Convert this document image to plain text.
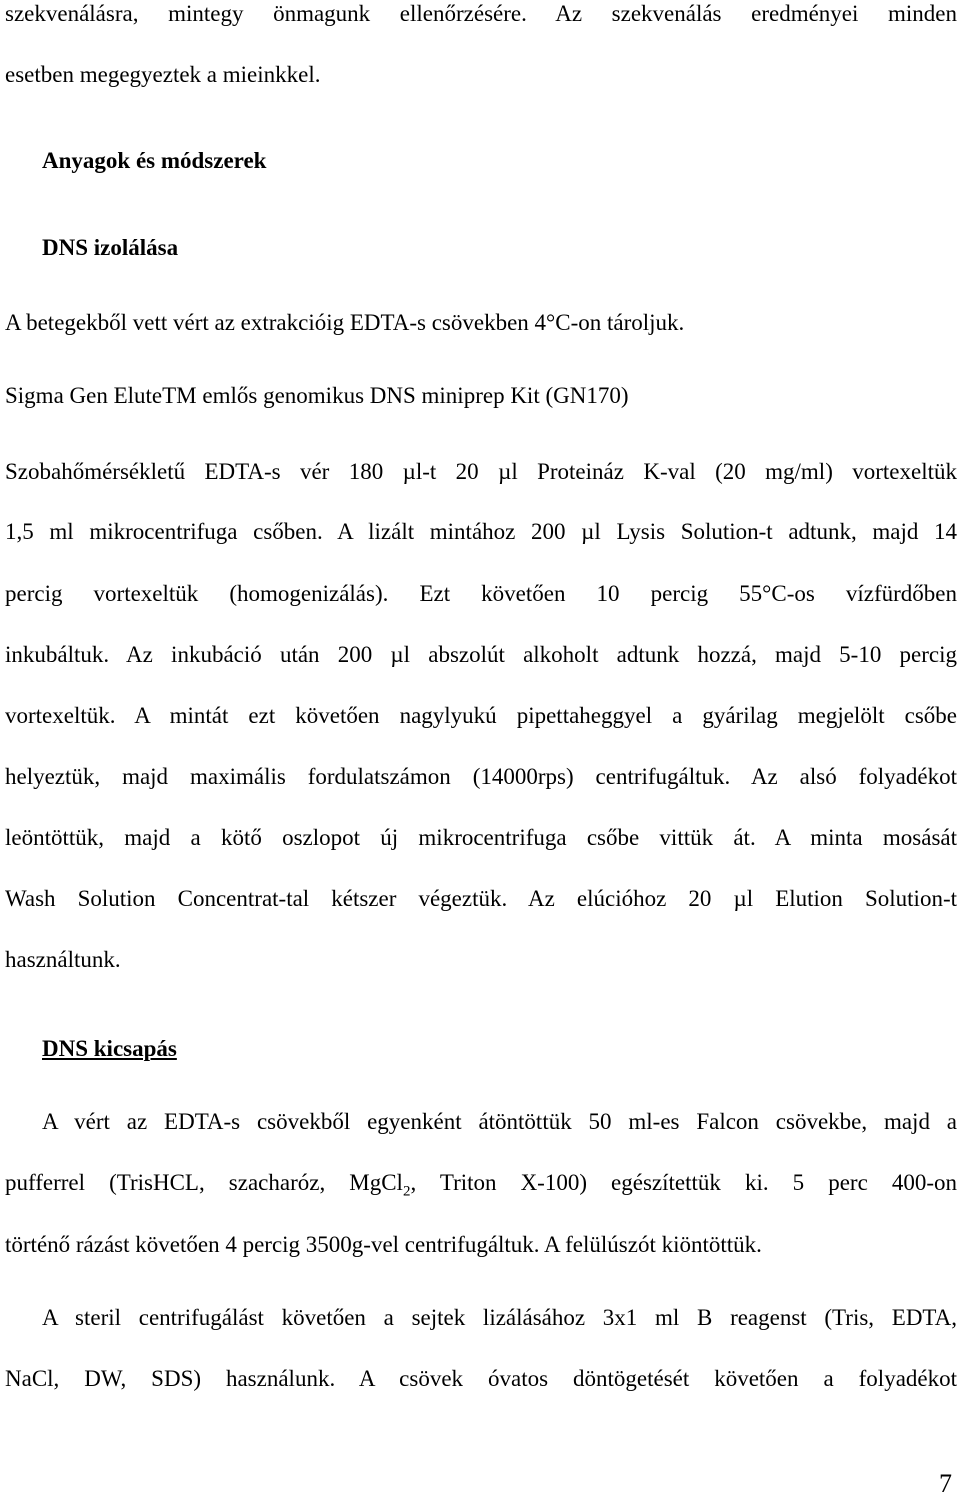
szekvenálásra, mintegy önmagunk ellenőrzésére. Az szekvenálás eredményei minden
esetben megegyeztek a mieinkkel.
Anyagok és módszerek
DNS izolálása
A betegekből vett vért az extrakcióig EDTA-s csövekben 4°C-on tároljuk.
Sigma Gen EluteTM emlős genomikus DNS miniprep Kit (GN170)
Szobahőmérsékletű EDTA-s vér 180 µl-t 20 µl Proteináz K-val (20 mg/ml) vortexeltük
1,5 ml mikrocentrifuga csőben. A lizált mintához 200 µl Lysis Solution-t adtunk, majd 14
percig vortexeltük (homogenizálás). Ezt követően 10 percig 55°C-os vízfürdőben
inkubáltuk. Az inkubáció után 200 µl abszolút alkoholt adtunk hozzá, majd 5-10 percig
vortexeltük. A mintát ezt követően nagylyukú pipettaheggyel a gyárilag megjelölt csőbe
helyeztük, majd maximális fordulatszámon (14000rps) centrifugáltuk. Az alsó folyadékot
leöntöttük, majd a kötő oszlopot új mikrocentrifuga csőbe vittük át. A minta mosását
Wash Solution Concentrat-tal kétszer végeztük. Az elúcióhoz 20 µl Elution Solution-t
használtunk.
DNS kicsapás
A vért az EDTA-s csövekből egyenként átöntöttük 50 ml-es Falcon csövekbe, majd a
pufferrel (TrisHCL, szacharóz, MgCl$_2$, Triton X-100) egészítettük ki. 5 perc 400-on
történő rázást követően 4 percig 3500g-vel centrifugáltuk. A felülúszót kiöntöttük.
A steril centrifugálást követően a sejtek lizálásához 3x1 ml B reagenst (Tris, EDTA,
NaCl, DW, SDS) használunk. A csövek óvatos döntögetését követően a folyadékot
7
